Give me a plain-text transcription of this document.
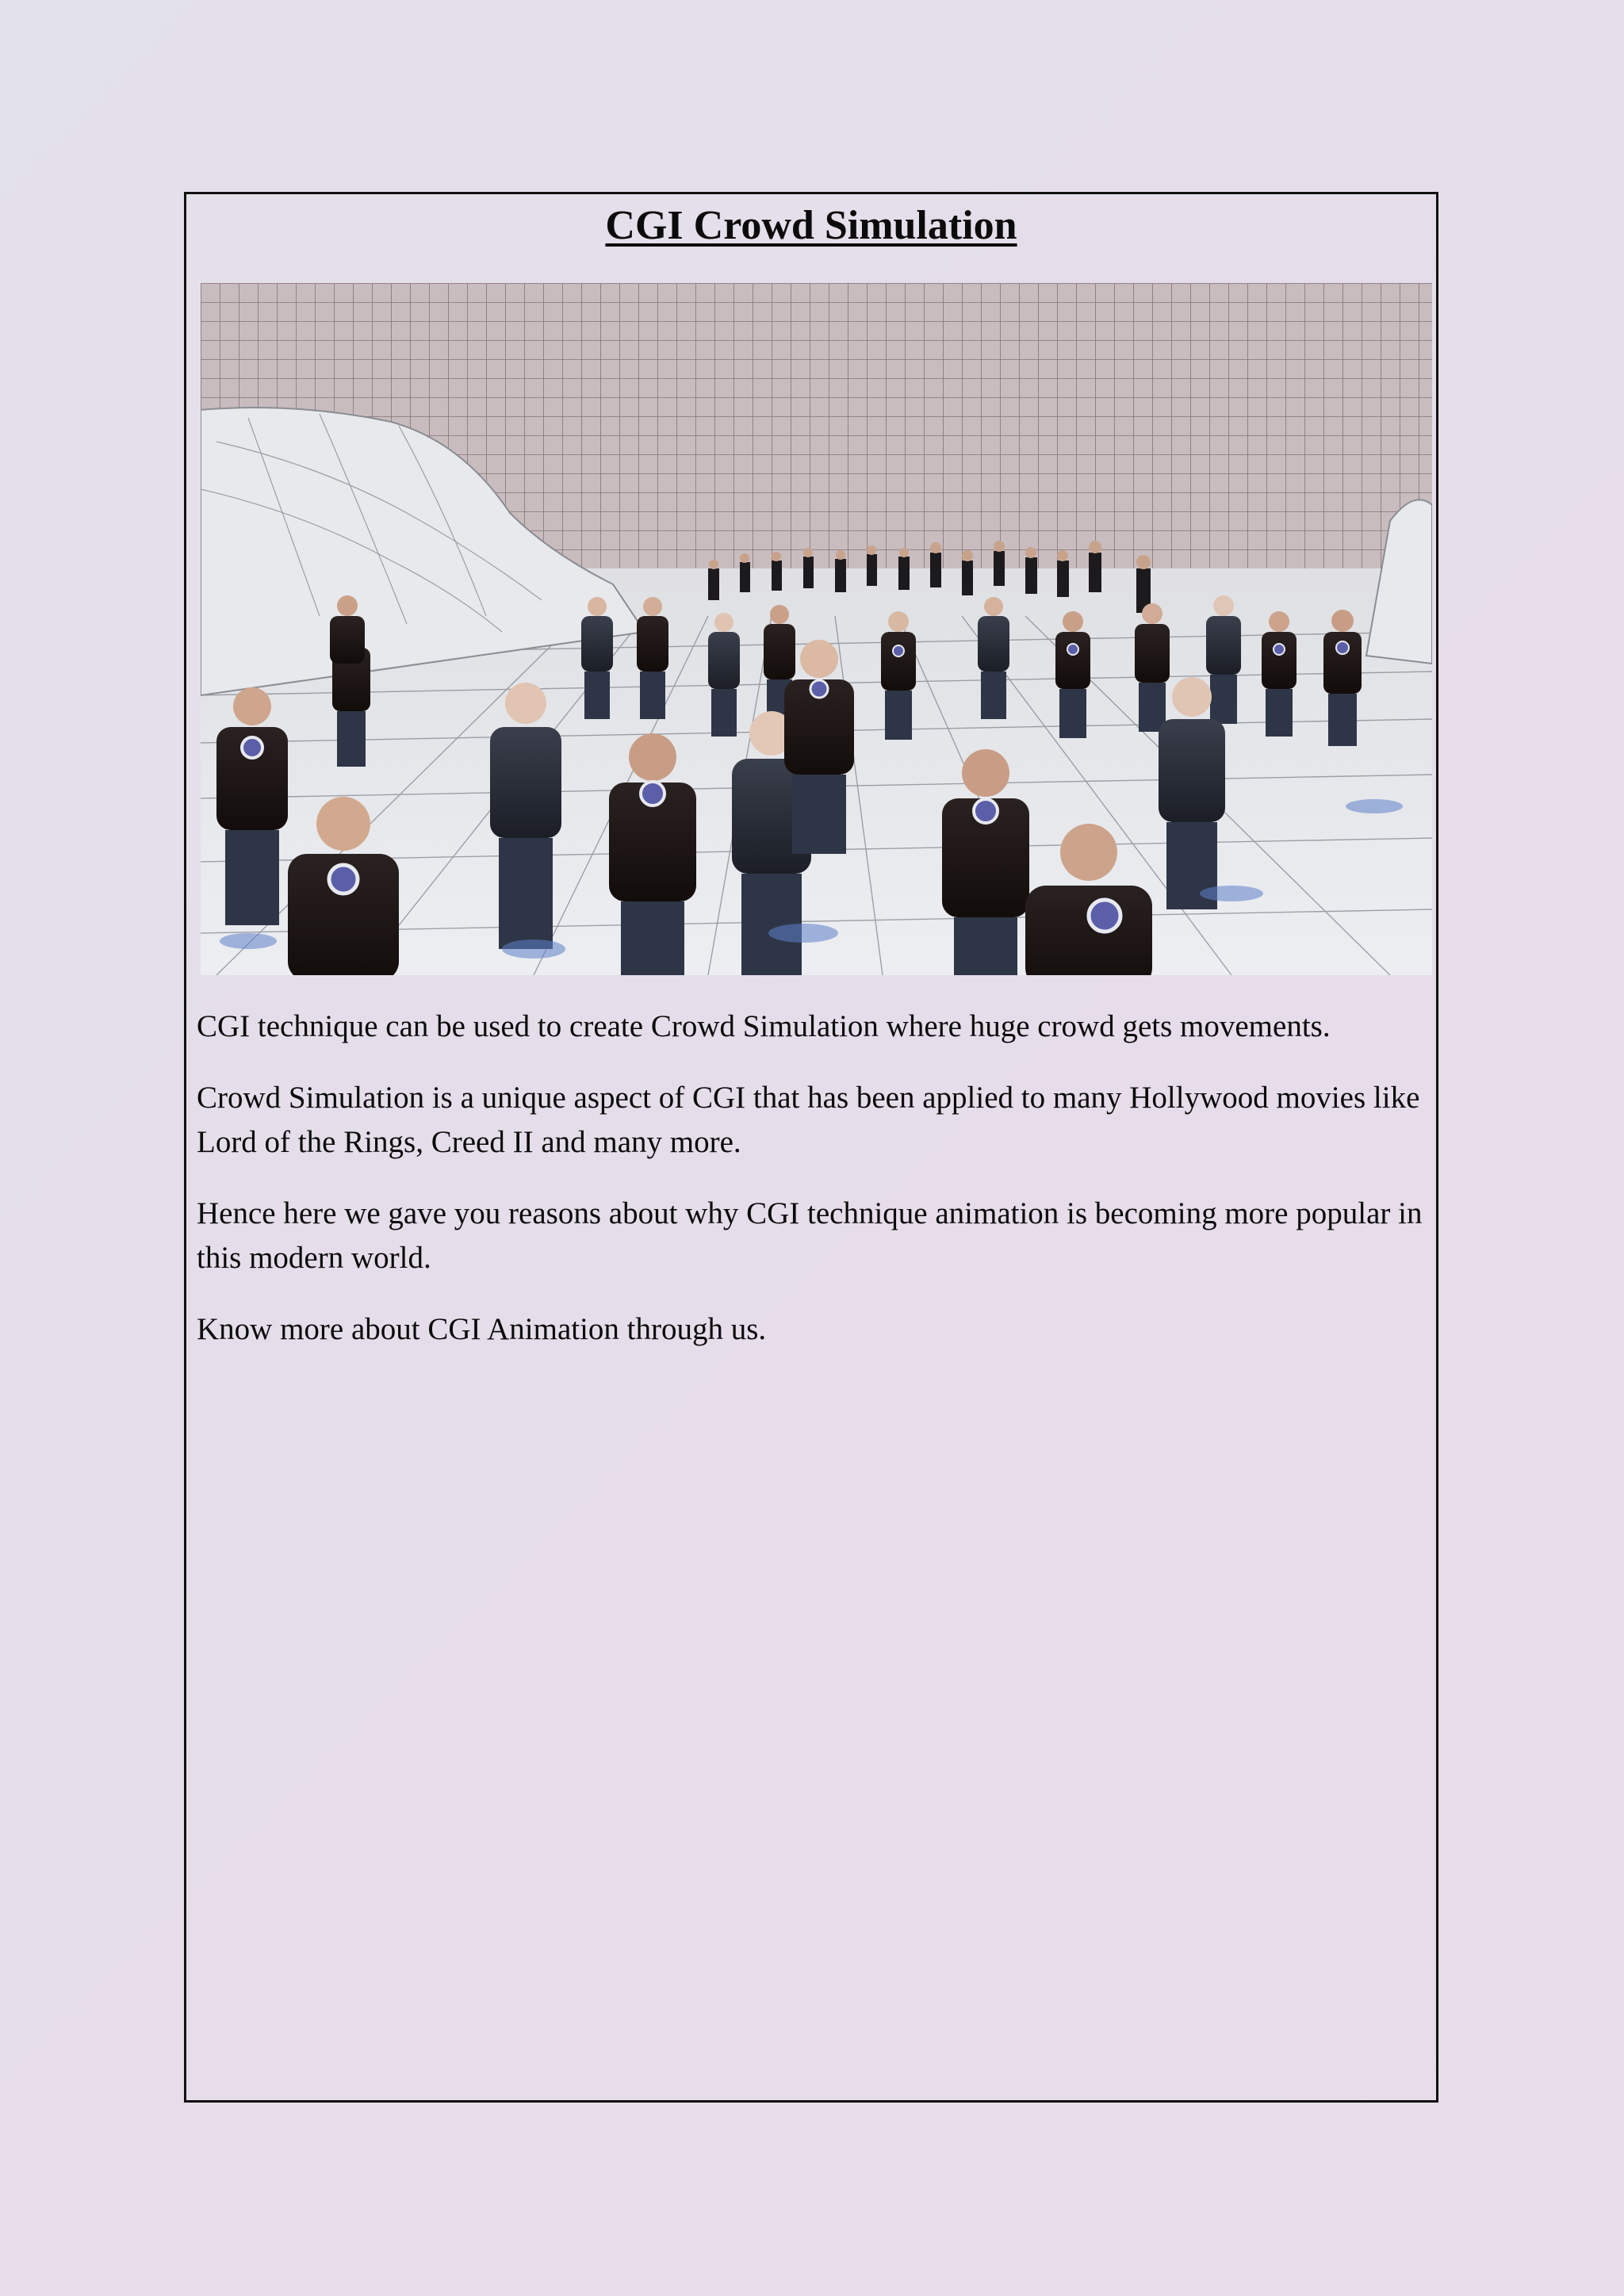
CGI Crowd Simulation

CGI technique can be used to create Crowd Simulation where huge crowd gets movements.

Crowd Simulation is a unique aspect of CGI that has been applied to many Hollywood movies like Lord of the Rings, Creed II and many more.

Hence here we gave you reasons about why CGI technique animation is becoming more popular in this modern world.

Know more about CGI Animation through us.
